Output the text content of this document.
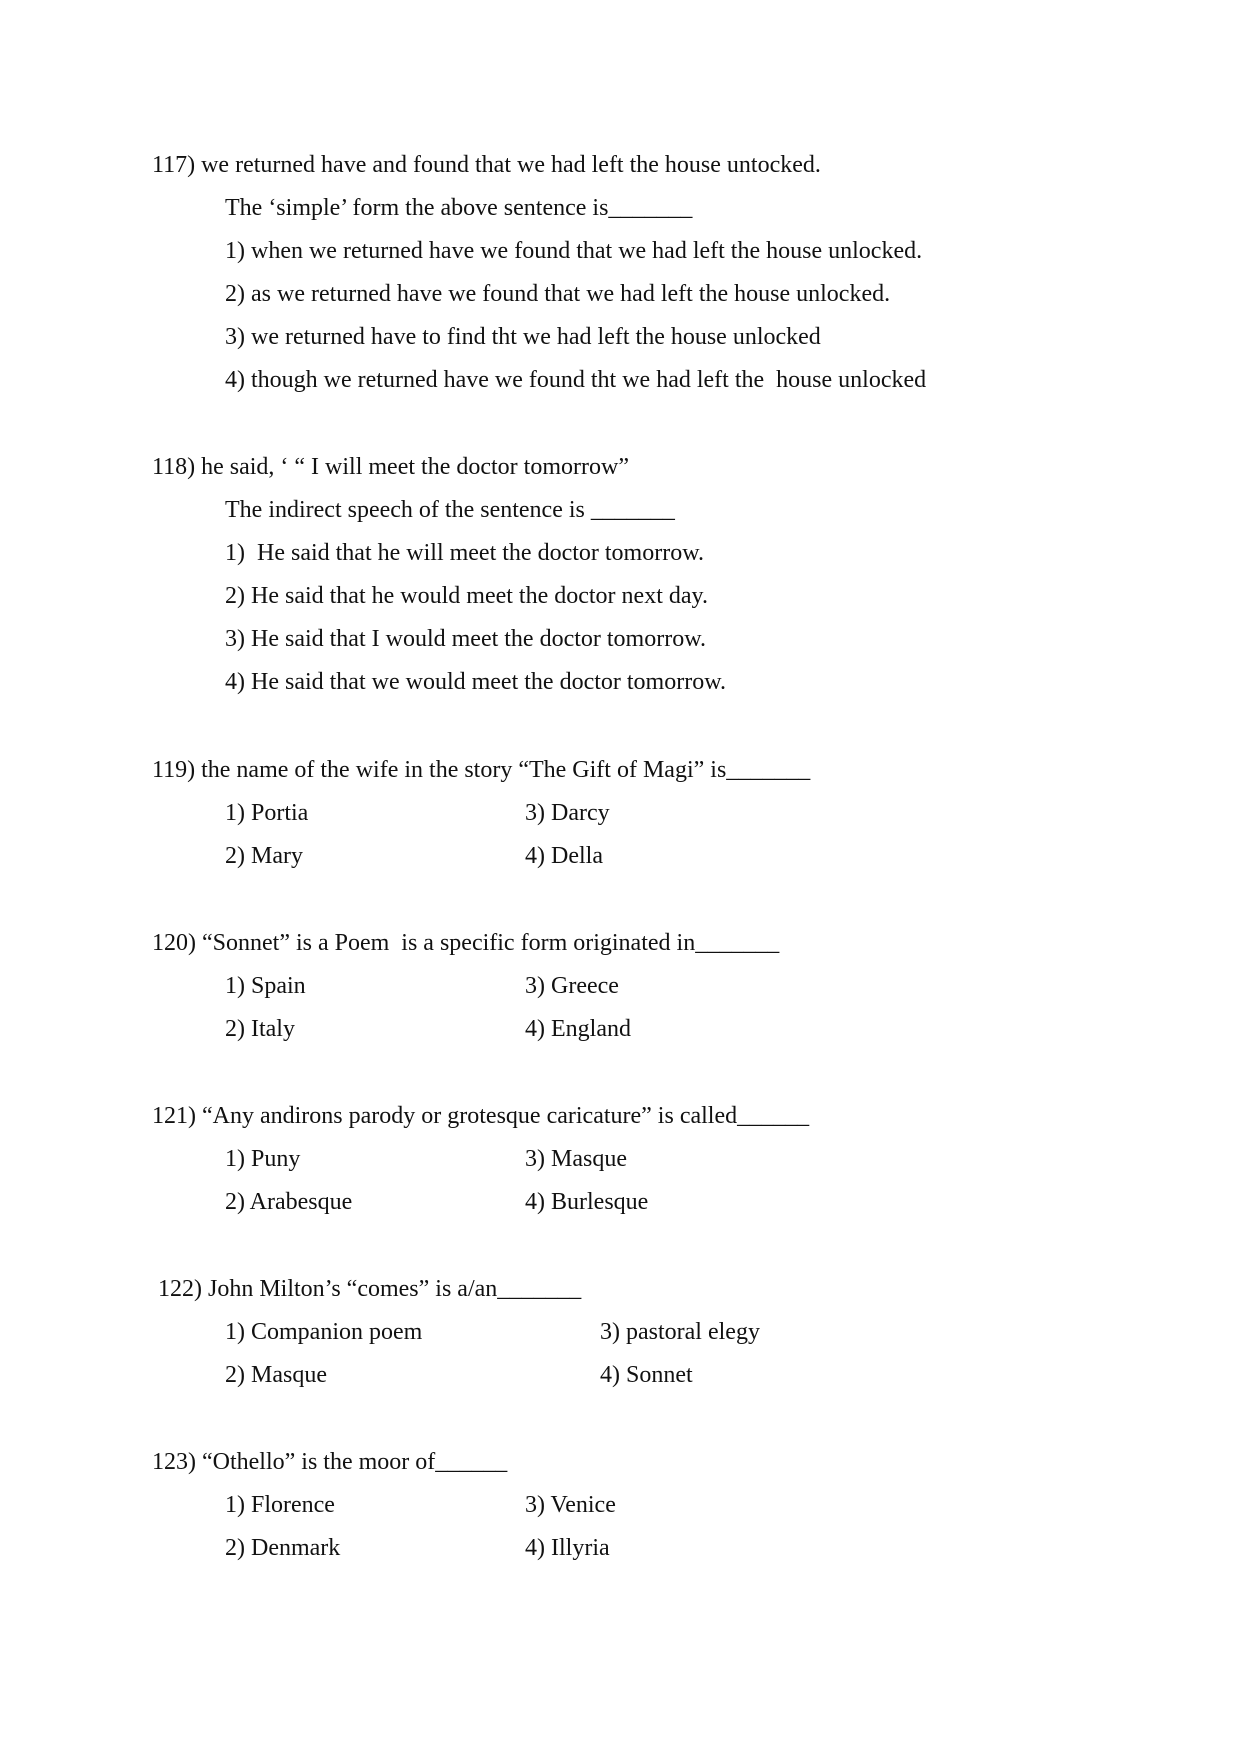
117) we returned have and found that we had left the house untocked.
The ‘simple’ form the above sentence is_______
1) when we returned have we found that we had left the house unlocked.
2) as we returned have we found that we had left the house unlocked.
3) we returned have to find tht we had left the house unlocked
4) though we returned have we found tht we had left the  house unlocked
118) he said, ‘ “ I will meet the doctor tomorrow”
The indirect speech of the sentence is _______
1)  He said that he will meet the doctor tomorrow.
2) He said that he would meet the doctor next day.
3) He said that I would meet the doctor tomorrow.
4) He said that we would meet the doctor tomorrow.
119) the name of the wife in the story “The Gift of Magi” is_______
1) Portia	3) Darcy
2) Mary	4) Della
120) “Sonnet” is a Poem  is a specific form originated in_______
1) Spain	3) Greece
2) Italy	4) England
121) “Any andirons parody or grotesque caricature” is called______
1) Puny	3) Masque
2) Arabesque	4) Burlesque
122) John Milton’s “comes” is a/an_______
1) Companion poem	3) pastoral elegy
2) Masque	4) Sonnet
123) “Othello” is the moor of______
1) Florence	3) Venice
2) Denmark	4) Illyria
